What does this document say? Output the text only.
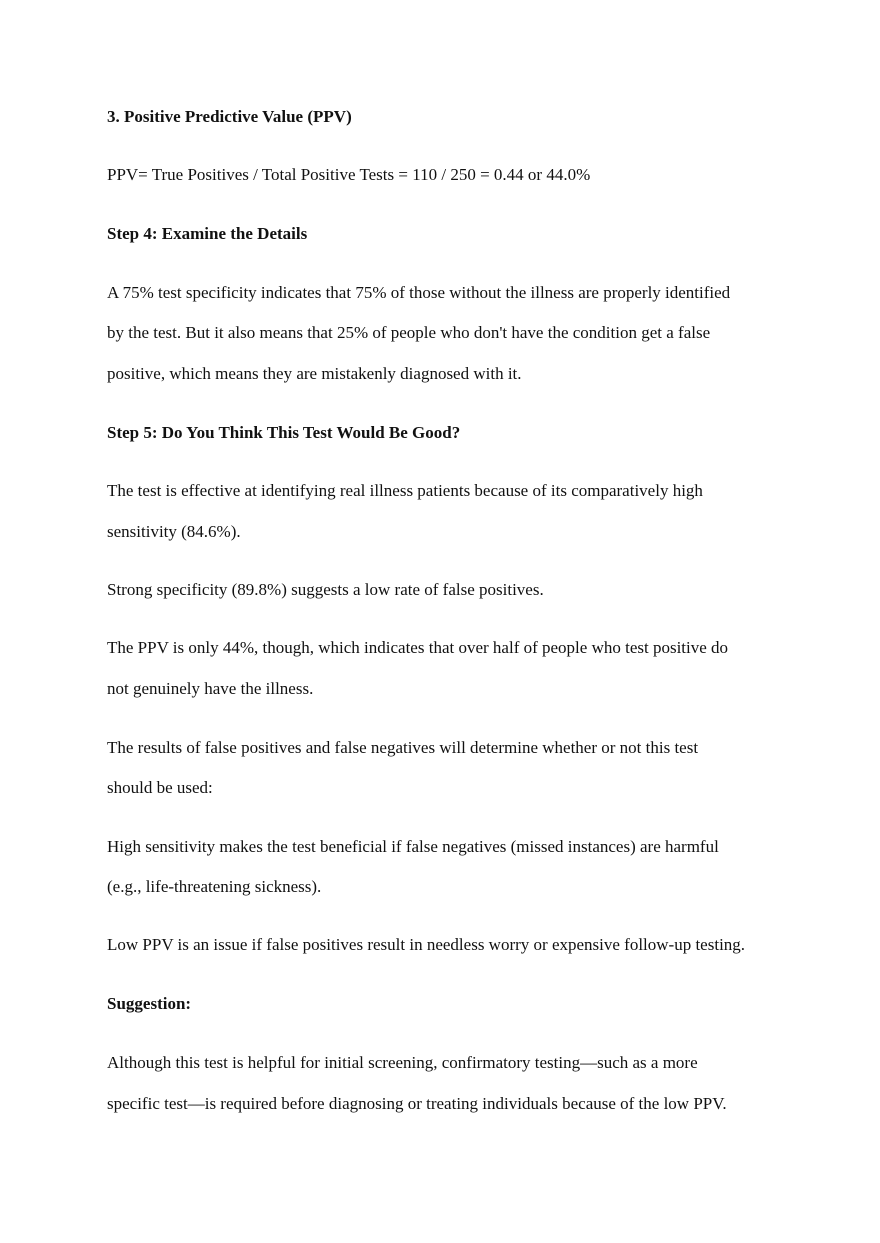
3. Positive Predictive Value (PPV)
PPV= True Positives / Total Positive Tests = 110 / 250 = 0.44 or 44.0%
Step 4: Examine the Details
A 75% test specificity indicates that 75% of those without the illness are properly identified
by the test. But it also means that 25% of people who don't have the condition get a false
positive, which means they are mistakenly diagnosed with it.
Step 5: Do You Think This Test Would Be Good?
The test is effective at identifying real illness patients because of its comparatively high
sensitivity (84.6%).
Strong specificity (89.8%) suggests a low rate of false positives.
The PPV is only 44%, though, which indicates that over half of people who test positive do
not genuinely have the illness.
The results of false positives and false negatives will determine whether or not this test
should be used:
High sensitivity makes the test beneficial if false negatives (missed instances) are harmful
(e.g., life-threatening sickness).
Low PPV is an issue if false positives result in needless worry or expensive follow-up testing.
Suggestion:
Although this test is helpful for initial screening, confirmatory testing—such as a more
specific test—is required before diagnosing or treating individuals because of the low PPV.
